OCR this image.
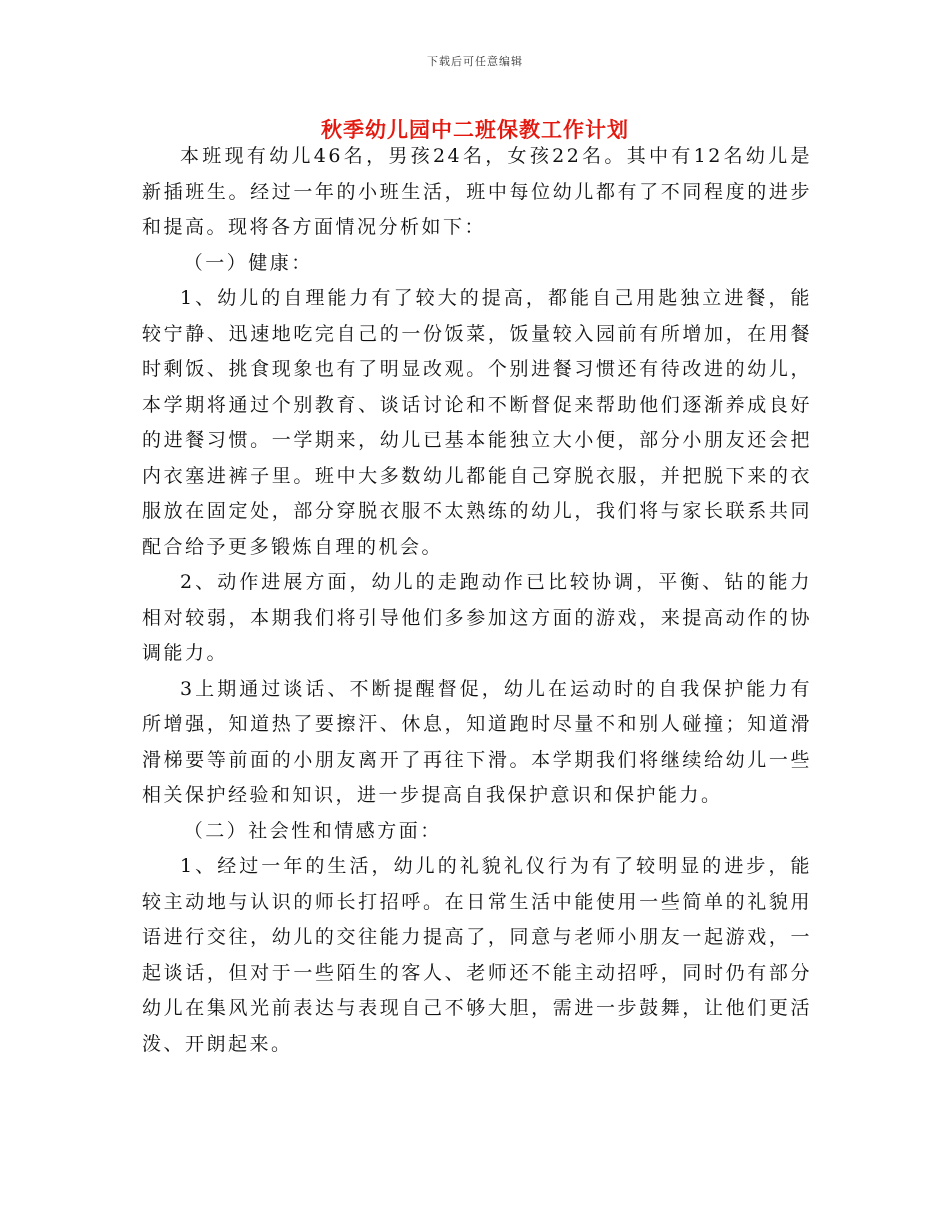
下载后可任意编辑
秋季幼儿园中二班保教工作计划

本班现有幼儿46名，男孩24名，女孩22名。其中有12名幼儿是新插班生。经过一年的小班生活，班中每位幼儿都有了不同程度的进步和提高。现将各方面情况分析如下：

（一）健康：

1、幼儿的自理能力有了较大的提高，都能自己用匙独立进餐，能较宁静、迅速地吃完自己的一份饭菜，饭量较入园前有所增加，在用餐时剩饭、挑食现象也有了明显改观。个别进餐习惯还有待改进的幼儿，本学期将通过个别教育、谈话讨论和不断督促来帮助他们逐渐养成良好的进餐习惯。一学期来，幼儿已基本能独立大小便，部分小朋友还会把内衣塞进裤子里。班中大多数幼儿都能自己穿脱衣服，并把脱下来的衣服放在固定处，部分穿脱衣服不太熟练的幼儿，我们将与家长联系共同配合给予更多锻炼自理的机会。

2、动作进展方面，幼儿的走跑动作已比较协调，平衡、钻的能力相对较弱，本期我们将引导他们多参加这方面的游戏，来提高动作的协调能力。

3上期通过谈话、不断提醒督促，幼儿在运动时的自我保护能力有所增强，知道热了要擦汗、休息，知道跑时尽量不和别人碰撞；知道滑滑梯要等前面的小朋友离开了再往下滑。本学期我们将继续给幼儿一些相关保护经验和知识，进一步提高自我保护意识和保护能力。

（二）社会性和情感方面：

1、经过一年的生活，幼儿的礼貌礼仪行为有了较明显的进步，能较主动地与认识的师长打招呼。在日常生活中能使用一些简单的礼貌用语进行交往，幼儿的交往能力提高了，同意与老师小朋友一起游戏，一起谈话，但对于一些陌生的客人、老师还不能主动招呼，同时仍有部分幼儿在集风光前表达与表现自己不够大胆，需进一步鼓舞，让他们更活泼、开朗起来。
